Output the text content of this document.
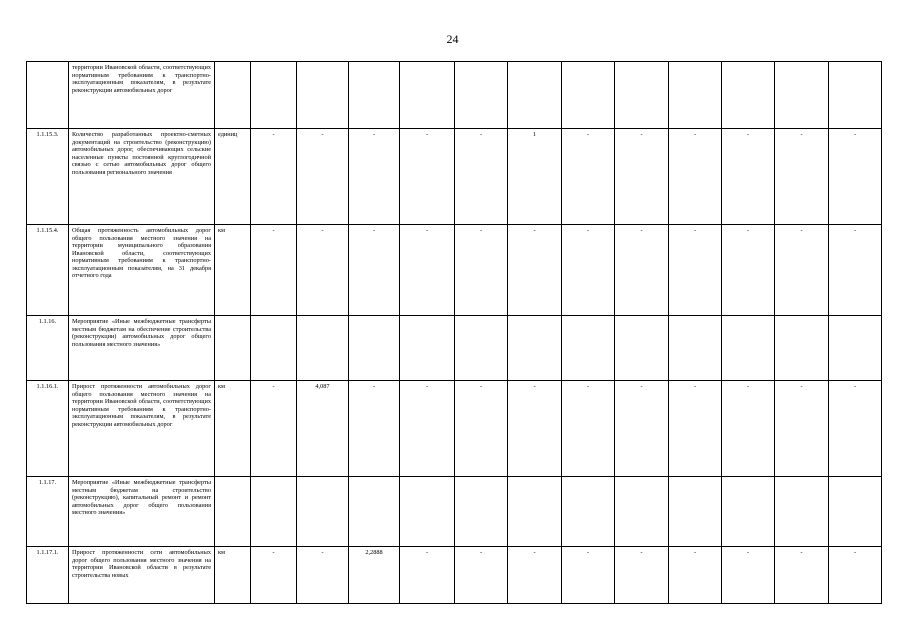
24
	территории Ивановской области, соответствующих нормативным требованиям к транспортно-эксплуатационным показателям, в результате реконструкции автомобильных дорог													
1.1.15.3.	Количество разработанных проектно-сметных документаций на строительство (реконструкцию) автомобильных дорог, обеспечивающих сельские населенные пункты постоянной круглогодичной связью с сетью автомобильных дорог общего пользования регионального значения	единиц	-	-	-	-	-	1	-	-	-	-	-	-
1.1.15.4.	Общая протяженность автомобильных дорог общего пользования местного значения на территории муниципального образования Ивановской области, соответствующих нормативным требованиям к транспортно-эксплуатационным показателям, на 31 декабря отчетного года	км	-	-	-	-	-	-	-	-	-	-	-	-
1.1.16.	Мероприятие «Иные межбюджетные трансферты местным бюджетам на обеспечение строительства (реконструкции) автомобильных дорог общего пользования местного значения»													
1.1.16.1.	Прирост протяженности автомобильных дорог общего пользования местного значения на территории Ивановской области, соответствующих нормативным требованиям к транспортно-эксплуатационным показателям, в результате реконструкции автомобильных дорог	км	-	4,087	-	-	-	-	-	-	-	-	-	-
1.1.17.	Мероприятие «Иные межбюджетные трансферты местным бюджетам на строительство (реконструкцию), капитальный ремонт и ремонт автомобильных дорог общего пользования местного значения»													
1.1.17.1.	Прирост протяженности сети автомобильных дорог общего пользования местного значения на территории Ивановской области в результате строительства новых	км	-	-	2,2888	-	-	-	-	-	-	-	-	-
